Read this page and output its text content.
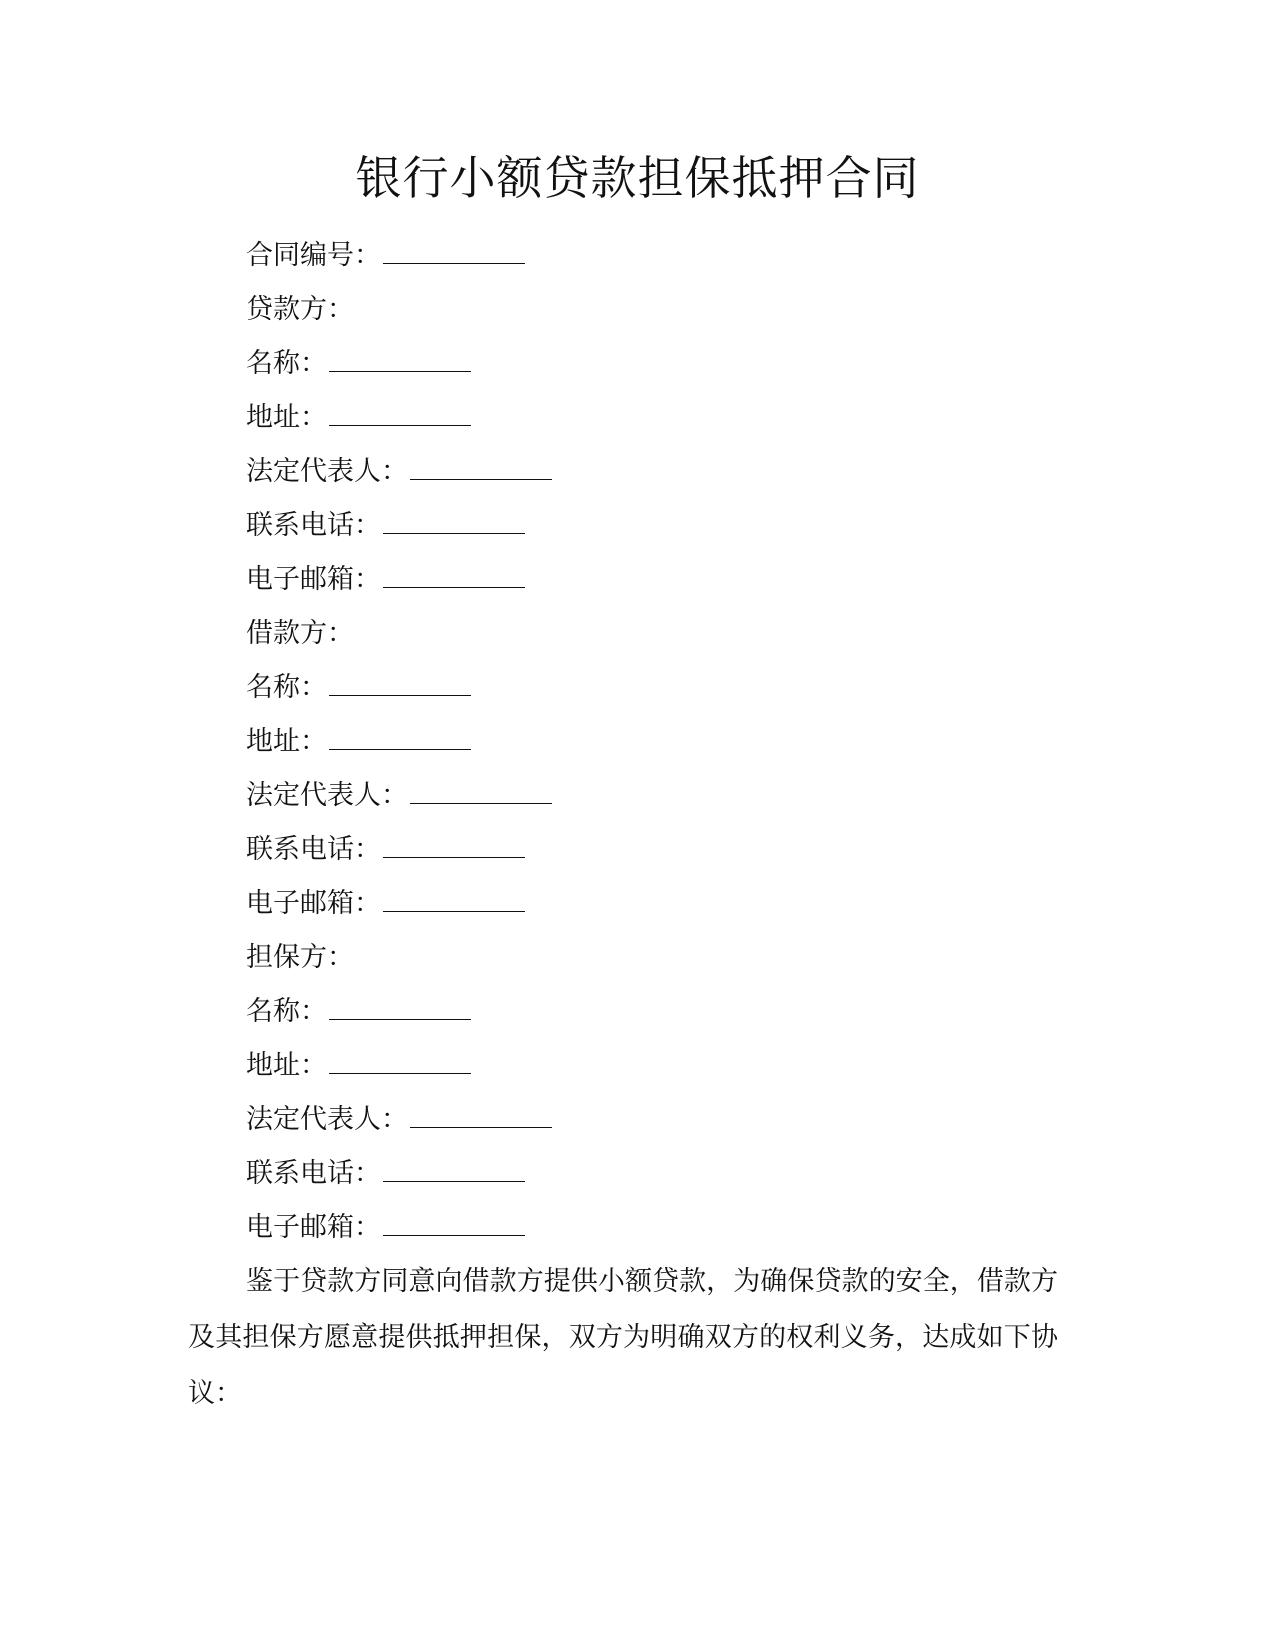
银行小额贷款担保抵押合同
合同编号：
贷款方：
名称：
地址：
法定代表人：
联系电话：
电子邮箱：
借款方：
名称：
地址：
法定代表人：
联系电话：
电子邮箱：
担保方：
名称：
地址：
法定代表人：
联系电话：
电子邮箱：

鉴于贷款方同意向借款方提供小额贷款，为确保贷款的安全，借款方及其担保方愿意提供抵押担保，双方为明确双方的权利义务，达成如下协议：
